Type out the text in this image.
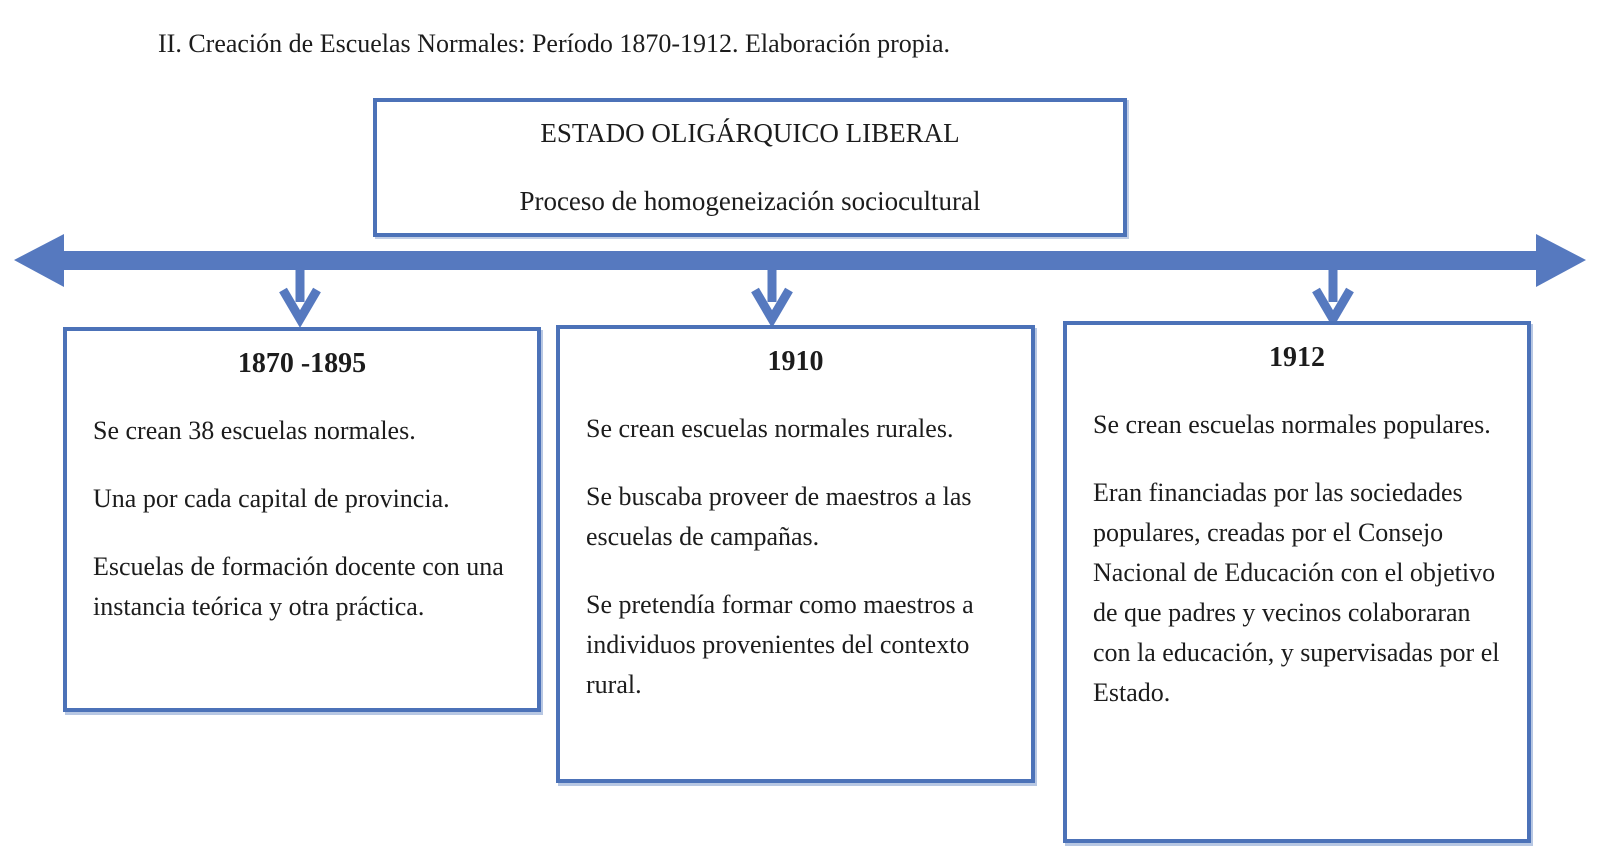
II. Creación de Escuelas Normales: Período 1870-1912. Elaboración propia.
ESTADO OLIGÁRQUICO LIBERAL
Proceso de homogeneización sociocultural
1870 -1895

Se crean 38 escuelas normales.

Una por cada capital de provincia.

Escuelas de formación docente con una instancia teórica y otra práctica.

1910

Se crean escuelas normales rurales.

Se buscaba proveer de maestros a las escuelas de campañas.

Se pretendía formar como maestros a individuos provenientes del contexto rural.

1912

Se crean escuelas normales populares.

Eran financiadas por las sociedades populares, creadas por el Consejo Nacional de Educación con el objetivo de que padres y vecinos colaboraran con la educación, y supervisadas por el Estado.
